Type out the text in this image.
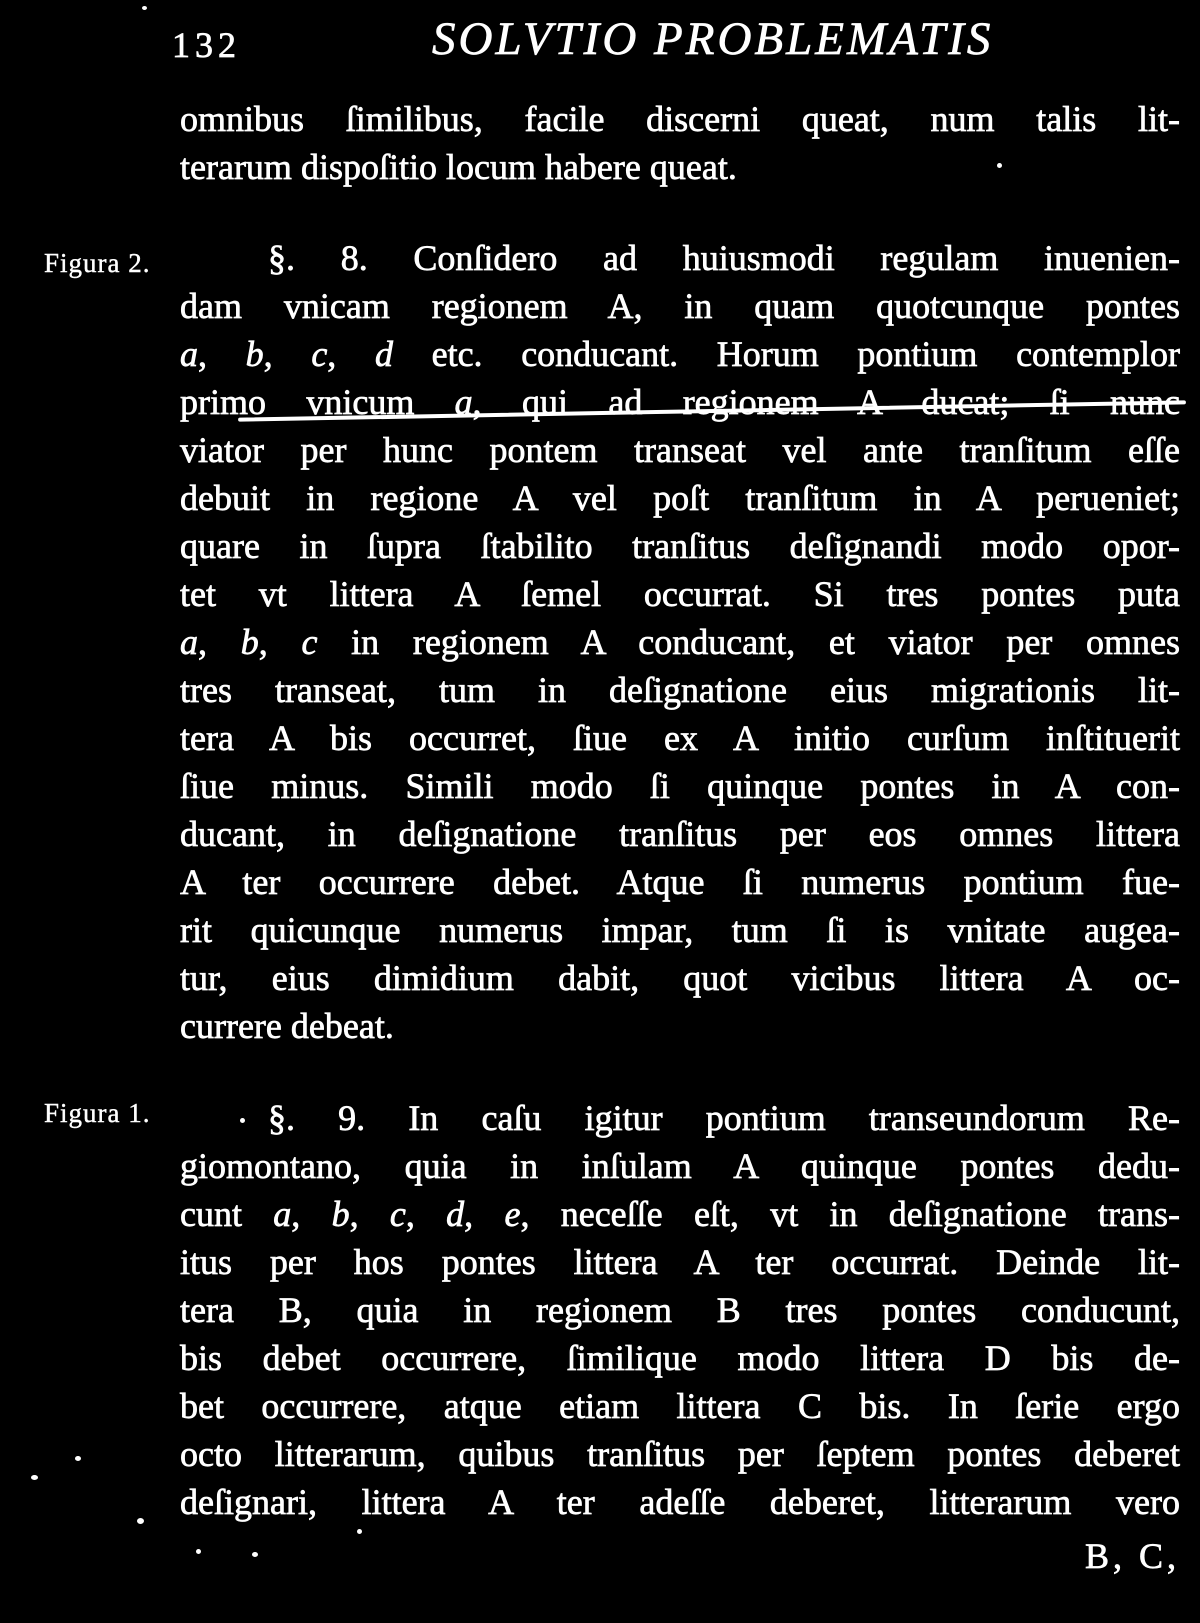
132	SOLVTIO PROBLEMATIS
Figura 2.
Figura 1.
omnibus ſimilibus, facile discerni queat, num talis lit-
terarum dispoſitio locum habere queat.
§. 8. Conſidero ad huiusmodi regulam inuenien-
dam vnicam regionem A, in quam quotcunque pontes
a, b, c, d etc. conducant. Horum pontium contemplor
primo vnicum a, qui ad regionem A ducat; ſi nunc
viator per hunc pontem transeat vel ante tranſitum eſſe
debuit in regione A vel poſt tranſitum in A perueniet;
quare in ſupra ſtabilito tranſitus deſignandi modo opor-
tet vt littera A ſemel occurrat. Si tres pontes puta
a, b, c in regionem A conducant, et viator per omnes
tres transeat, tum in deſignatione eius migrationis lit-
tera A bis occurret, ſiue ex A initio curſum inſtituerit
ſiue minus. Simili modo ſi quinque pontes in A con-
ducant, in deſignatione tranſitus per eos omnes littera
A ter occurrere debet. Atque ſi numerus pontium fue-
rit quicunque numerus impar, tum ſi is vnitate augea-
tur, eius dimidium dabit, quot vicibus littera A oc-
currere debeat.
§. 9. In caſu igitur pontium transeundorum Re-
giomontano, quia in inſulam A quinque pontes dedu-
cunt a, b, c, d, e, neceſſe eſt, vt in deſignatione trans-
itus per hos pontes littera A ter occurrat. Deinde lit-
tera B, quia in regionem B tres pontes conducunt,
bis debet occurrere, ſimilique modo littera D bis de-
bet occurrere, atque etiam littera C bis. In ſerie ergo
octo litterarum, quibus tranſitus per ſeptem pontes deberet
deſignari, littera A ter adeſſe deberet, litterarum vero
B, C,
